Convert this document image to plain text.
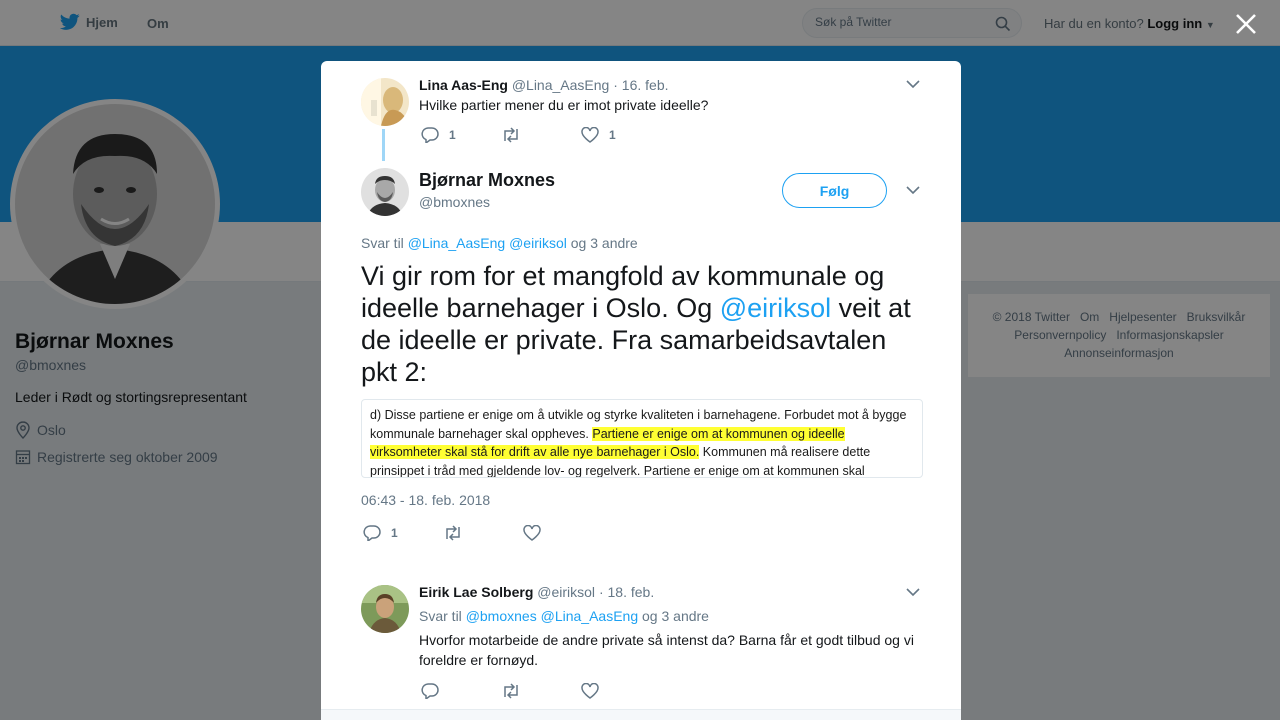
Hjem Om
Søk på Twitter	Har du en konto? Logg inn ▼
Bjørnar Moxnes
@bmoxnes
Leder i Rødt og stortingsrepresentant
Oslo
Registrerte seg oktober 2009
© 2018 Twitter Om Hjelpesenter Bruksvilkår
Personvernpolicy Informasjonskapsler
Annonseinformasjon
Lina Aas-Eng @Lina_AasEng · 16. feb.
Hvilke partier mener du er imot private ideelle?
1	1
Bjørnar Moxnes
@bmoxnes
Følg
Svar til @Lina_AasEng @eiriksol og 3 andre
Vi gir rom for et mangfold av kommunale og ideelle barnehager i Oslo. Og @eiriksol veit at de ideelle er private. Fra samarbeidsavtalen pkt 2:
d) Disse partiene er enige om å utvikle og styrke kvaliteten i barnehagene. Forbudet mot å bygge kommunale barnehager skal oppheves. Partiene er enige om at kommunen og ideelle virksomheter skal stå for drift av alle nye barnehager i Oslo. Kommunen må realisere dette prinsippet i tråd med gjeldende lov- og regelverk. Partiene er enige om at kommunen skal
06:43 - 18. feb. 2018
1
Eirik Lae Solberg @eiriksol · 18. feb.
Svar til @bmoxnes @Lina_AasEng og 3 andre
Hvorfor motarbeide de andre private så intenst da? Barna får et godt tilbud og vi foreldre er fornøyd.
